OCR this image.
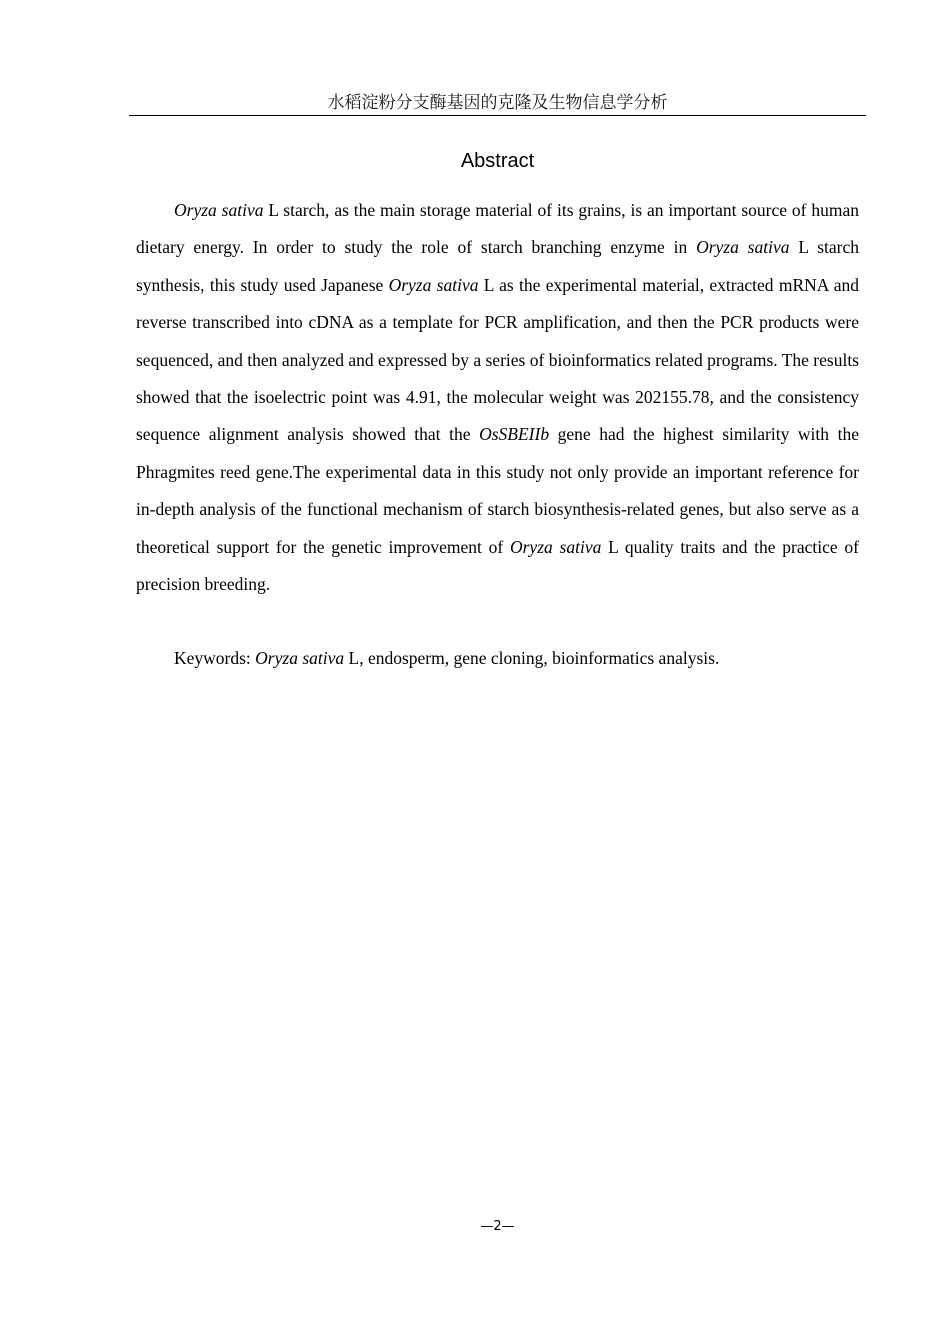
水稻淀粉分支酶基因的克隆及生物信息学分析
Abstract

Oryza sativa L starch, as the main storage material of its grains, is an important source of human dietary energy. In order to study the role of starch branching enzyme in Oryza sativa L starch synthesis, this study used Japanese Oryza sativa L as the experimental material, extracted mRNA and reverse transcribed into cDNA as a template for PCR amplification, and then the PCR products were sequenced, and then analyzed and expressed by a series of bioinformatics related programs. The results showed that the isoelectric point was 4.91, the molecular weight was 202155.78, and the consistency sequence alignment analysis showed that the OsSBEIIb gene had the highest similarity with the Phragmites reed gene.The experimental data in this study not only provide an important reference for in-depth analysis of the functional mechanism of starch biosynthesis-related genes, but also serve as a theoretical support for the genetic improvement of Oryza sativa L quality traits and the practice of precision breeding.

Keywords: Oryza sativa L, endosperm, gene cloning, bioinformatics analysis.

—2—
